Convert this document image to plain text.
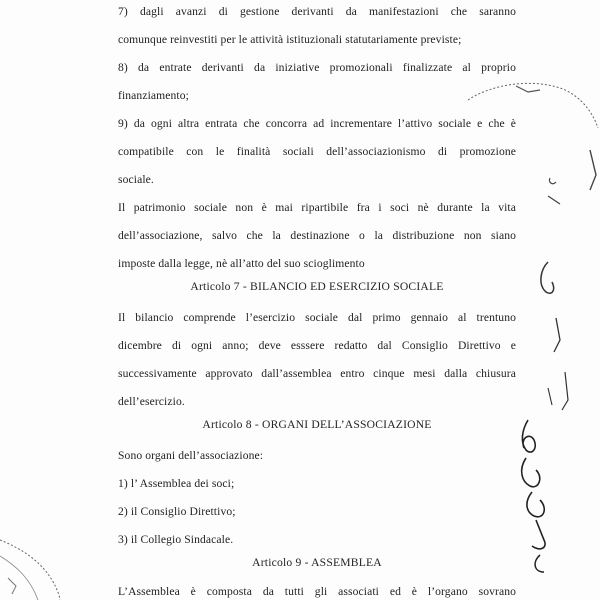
7) dagli avanzi di gestione derivanti da manifestazioni che saranno
comunque reinvestiti per le attività istituzionali statutariamente previste;
8) da entrate derivanti da iniziative promozionali finalizzate al proprio
finanziamento;
9) da ogni altra entrata che concorra ad incrementare l’attivo sociale e che è
compatibile con le finalità sociali dell’associazionismo di promozione
sociale.
Il patrimonio sociale non è mai ripartibile fra i soci nè durante la vita
dell’associazione, salvo che la destinazione o la distribuzione non siano
imposte dalla legge, nè all’atto del suo scioglimento
Articolo 7 - BILANCIO ED ESERCIZIO SOCIALE
Il bilancio comprende l’esercizio sociale dal primo gennaio al trentuno
dicembre di ogni anno; deve esssere redatto dal Consiglio Direttivo e
successivamente approvato dall’assemblea entro cinque mesi dalla chiusura
dell’esercizio.
Articolo 8 - ORGANI DELL’ASSOCIAZIONE
Sono organi dell’associazione:
1) l’ Assemblea dei soci;
2) il Consiglio Direttivo;
3) il Collegio Sindacale.
Articolo 9 - ASSEMBLEA
L’Assemblea è composta da tutti gli associati ed è l’organo sovrano
